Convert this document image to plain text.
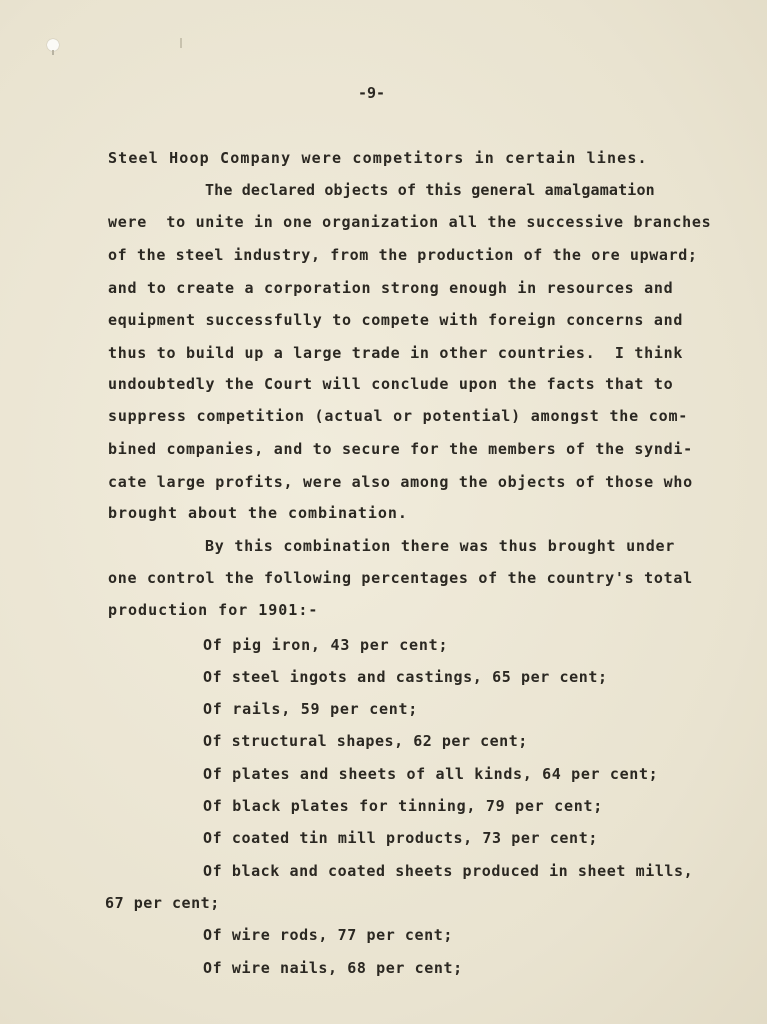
-9-

Steel Hoop Company were competitors in certain lines.

The declared objects of this general amalgamation

were  to unite in one organization all the successive branches

of the steel industry, from the production of the ore upward;

and to create a corporation strong enough in resources and

equipment successfully to compete with foreign concerns and

thus to build up a large trade in other countries.  I think

undoubtedly the Court will conclude upon the facts that to

suppress competition (actual or potential) amongst the com-

bined companies, and to secure for the members of the syndi-

cate large profits, were also among the objects of those who

brought about the combination.

By this combination there was thus brought under

one control the following percentages of the country's total

production for 1901:-

Of pig iron, 43 per cent;

Of steel ingots and castings, 65 per cent;

Of rails, 59 per cent;

Of structural shapes, 62 per cent;

Of plates and sheets of all kinds, 64 per cent;

Of black plates for tinning, 79 per cent;

Of coated tin mill products, 73 per cent;

Of black and coated sheets produced in sheet mills,

67 per cent;

Of wire rods, 77 per cent;

Of wire nails, 68 per cent;
